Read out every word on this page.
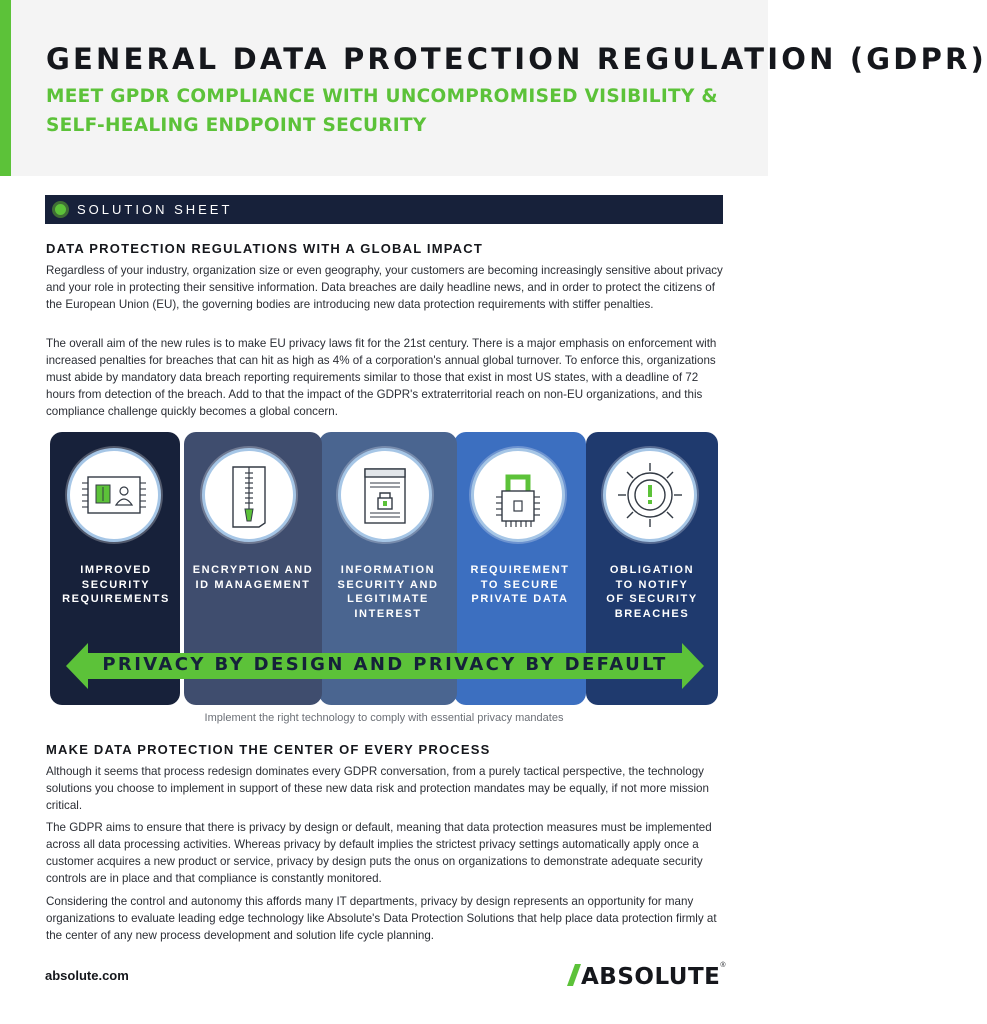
GENERAL DATA PROTECTION REGULATION (GDPR)
MEET GPDR COMPLIANCE WITH UNCOMPROMISED VISIBILITY & SELF-HEALING ENDPOINT SECURITY
SOLUTION SHEET
DATA PROTECTION REGULATIONS WITH A GLOBAL IMPACT

Regardless of your industry, organization size or even geography, your customers are becoming increasingly sensitive about privacy and your role in protecting their sensitive information. Data breaches are daily headline news, and in order to protect the citizens of the European Union (EU), the governing bodies are introducing new data protection requirements with stiffer penalties.

The overall aim of the new rules is to make EU privacy laws fit for the 21st century. There is a major emphasis on enforcement with increased penalties for breaches that can hit as high as 4% of a corporation's annual global turnover. To enforce this, organizations must abide by mandatory data breach reporting requirements similar to those that exist in most US states, with a deadline of 72 hours from detection of the breach. Add to that the impact of the GDPR's extraterritorial reach on non-EU organizations, and this compliance challenge quickly becomes a global concern.

OBLIGATION
TO NOTIFY
OF SECURITY
BREACHES
REQUIREMENT
TO SECURE
PRIVATE DATA
INFORMATION
SECURITY AND
LEGITIMATE
INTEREST
ENCRYPTION AND
ID MANAGEMENT
IMPROVED
SECURITY
REQUIREMENTS
PRIVACY BY DESIGN AND PRIVACY BY DEFAULT
Implement the right technology to comply with essential privacy mandates
MAKE DATA PROTECTION THE CENTER OF EVERY PROCESS

Although it seems that process redesign dominates every GDPR conversation, from a purely tactical perspective, the technology solutions you choose to implement in support of these new data risk and protection mandates may be equally, if not more mission critical.

The GDPR aims to ensure that there is privacy by design or default, meaning that data protection measures must be implemented across all data processing activities. Whereas privacy by default implies the strictest privacy settings automatically apply once a customer acquires a new product or service, privacy by design puts the onus on organizations to demonstrate adequate security controls are in place and that compliance is constantly monitored.

Considering the control and autonomy this affords many IT departments, privacy by design represents an opportunity for many organizations to evaluate leading edge technology like Absolute's Data Protection Solutions that help place data protection firmly at the center of any new process development and solution life cycle planning.

absolute.com	ABSOLUTE®
